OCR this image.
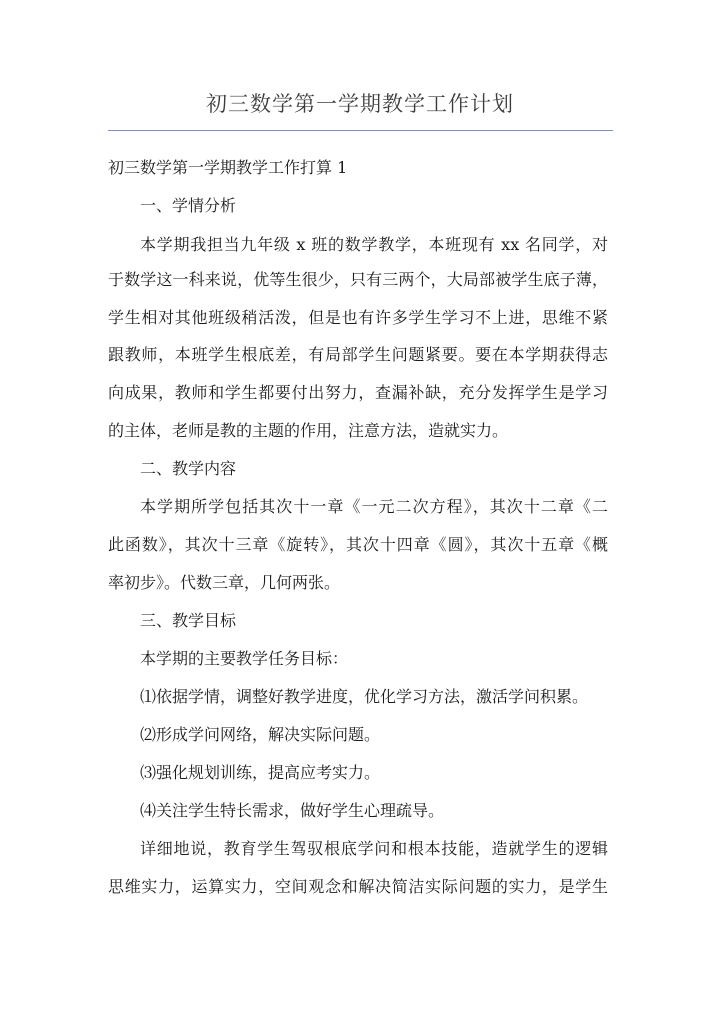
初三数学第一学期教学工作计划
初三数学第一学期教学工作打算 1
一、学情分析
本学期我担当九年级 x 班的数学教学，本班现有 xx 名同学，对
于数学这一科来说，优等生很少，只有三两个，大局部被学生底子薄，
学生相对其他班级稍活泼，但是也有许多学生学习不上进，思维不紧
跟教师，本班学生根底差，有局部学生问题紧要。要在本学期获得志
向成果，教师和学生都要付出努力，查漏补缺，充分发挥学生是学习
的主体，老师是教的主题的作用，注意方法，造就实力。
二、教学内容
本学期所学包括其次十一章《一元二次方程》，其次十二章《二
此函数》，其次十三章《旋转》，其次十四章《圆》，其次十五章《概
率初步》。代数三章，几何两张。
三、教学目标
本学期的主要教学任务目标：
⑴依据学情，调整好教学进度，优化学习方法，激活学问积累。
⑵形成学问网络，解决实际问题。
⑶强化规划训练，提高应考实力。
⑷关注学生特长需求，做好学生心理疏导。
详细地说，教育学生驾驭根底学问和根本技能，造就学生的逻辑
思维实力，运算实力，空间观念和解决简洁实际问题的实力，是学生
